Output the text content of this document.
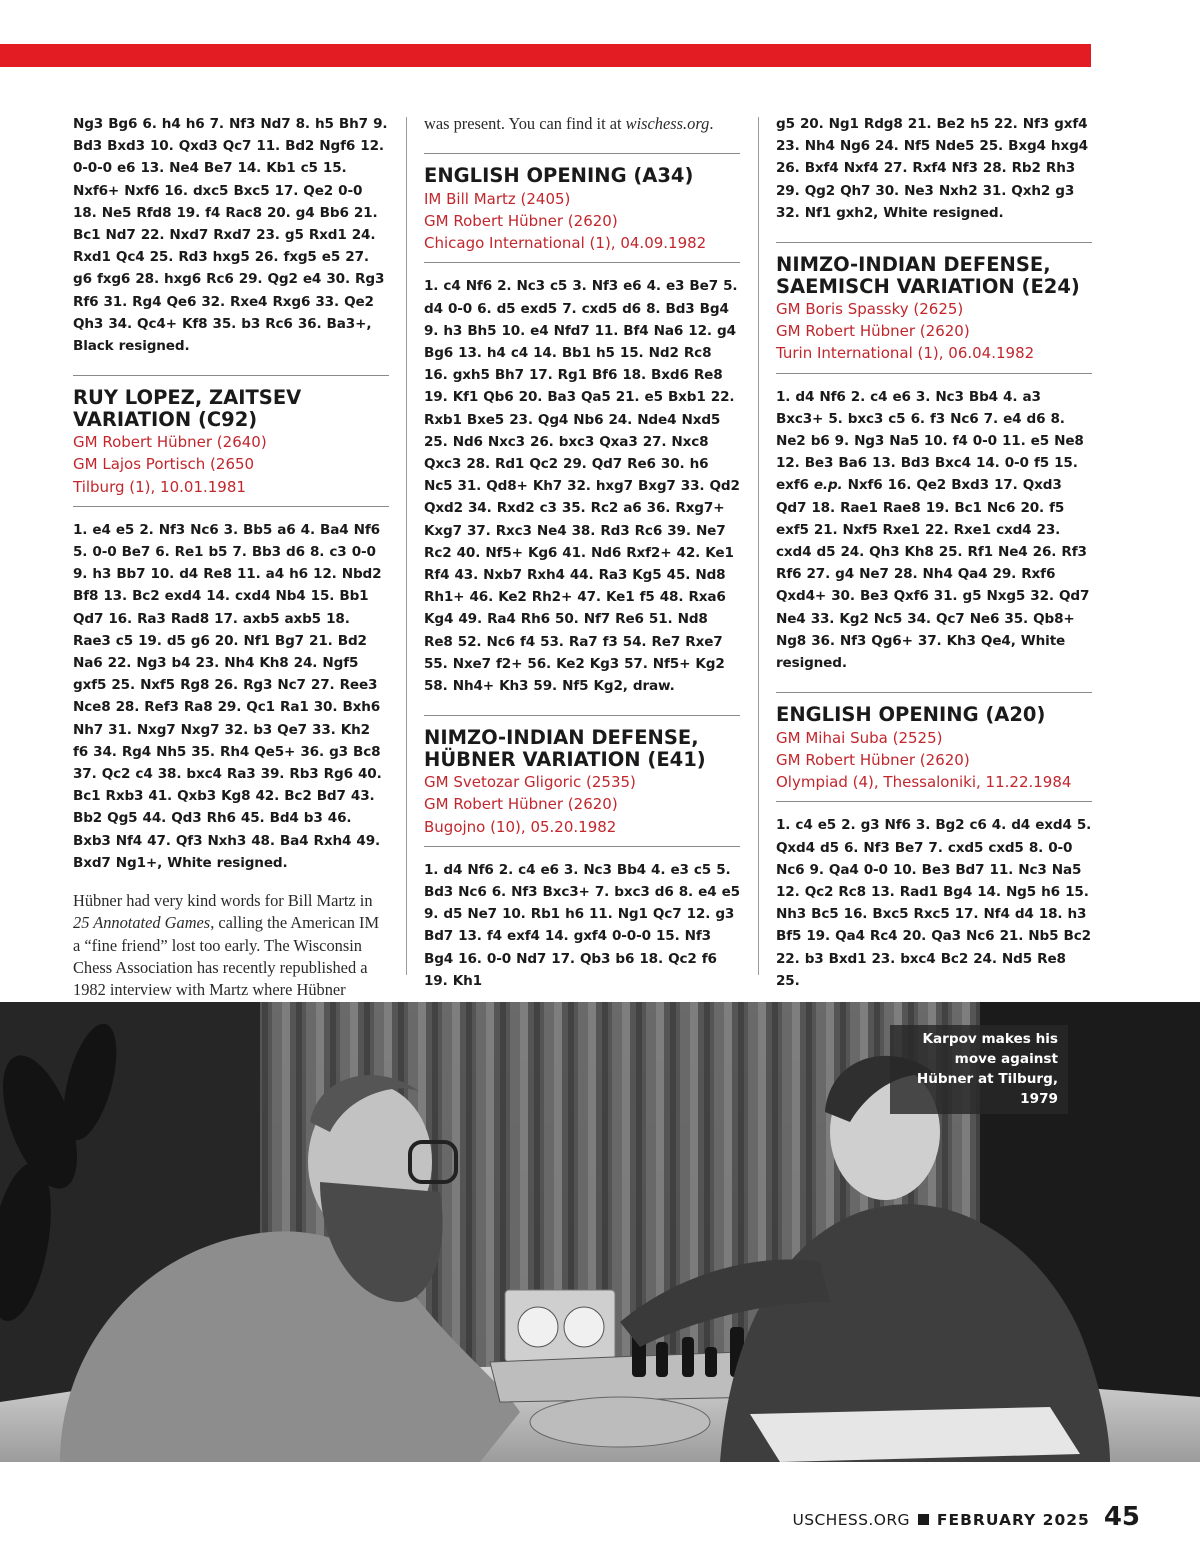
Ng3 Bg6 6. h4 h6 7. Nf3 Nd7 8. h5 Bh7 9. Bd3 Bxd3 10. Qxd3 Qc7 11. Bd2 Ngf6 12. 0-0-0 e6 13. Ne4 Be7 14. Kb1 c5 15. Nxf6+ Nxf6 16. dxc5 Bxc5 17. Qe2 0-0 18. Ne5 Rfd8 19. f4 Rac8 20. g4 Bb6 21. Bc1 Nd7 22. Nxd7 Rxd7 23. g5 Rxd1 24. Rxd1 Qc4 25. Rd3 hxg5 26. fxg5 e5 27. g6 fxg6 28. hxg6 Rc6 29. Qg2 e4 30. Rg3 Rf6 31. Rg4 Qe6 32. Rxe4 Rxg6 33. Qe2 Qh3 34. Qc4+ Kf8 35. b3 Rc6 36. Ba3+, Black resigned.

RUY LOPEZ, ZAITSEV VARIATION (C92)
GM Robert Hübner (2640)
GM Lajos Portisch (2650
Tilburg (1), 10.01.1981

1. e4 e5 2. Nf3 Nc6 3. Bb5 a6 4. Ba4 Nf6 5. 0-0 Be7 6. Re1 b5 7. Bb3 d6 8. c3 0-0 9. h3 Bb7 10. d4 Re8 11. a4 h6 12. Nbd2 Bf8 13. Bc2 exd4 14. cxd4 Nb4 15. Bb1 Qd7 16. Ra3 Rad8 17. axb5 axb5 18. Rae3 c5 19. d5 g6 20. Nf1 Bg7 21. Bd2 Na6 22. Ng3 b4 23. Nh4 Kh8 24. Ngf5 gxf5 25. Nxf5 Rg8 26. Rg3 Nc7 27. Ree3 Nce8 28. Ref3 Ra8 29. Qc1 Ra1 30. Bxh6 Nh7 31. Nxg7 Nxg7 32. b3 Qe7 33. Kh2 f6 34. Rg4 Nh5 35. Rh4 Qe5+ 36. g3 Bc8 37. Qc2 c4 38. bxc4 Ra3 39. Rb3 Rg6 40. Bc1 Rxb3 41. Qxb3 Kg8 42. Bc2 Bd7 43. Bb2 Qg5 44. Qd3 Rh6 45. Bd4 b3 46. Bxb3 Nf4 47. Qf3 Nxh3 48. Ba4 Rxh4 49. Bxd7 Ng1+, White resigned.

Hübner had very kind words for Bill Martz in 25 Annotated Games, calling the American IM a “fine friend” lost too early. The Wisconsin Chess Association has recently republished a 1982 interview with Martz where Hübner

was present. You can find it at wischess.org.

ENGLISH OPENING (A34)
IM Bill Martz (2405)
GM Robert Hübner (2620)
Chicago International (1), 04.09.1982

1. c4 Nf6 2. Nc3 c5 3. Nf3 e6 4. e3 Be7 5. d4 0-0 6. d5 exd5 7. cxd5 d6 8. Bd3 Bg4 9. h3 Bh5 10. e4 Nfd7 11. Bf4 Na6 12. g4 Bg6 13. h4 c4 14. Bb1 h5 15. Nd2 Rc8 16. gxh5 Bh7 17. Rg1 Bf6 18. Bxd6 Re8 19. Kf1 Qb6 20. Ba3 Qa5 21. e5 Bxb1 22. Rxb1 Bxe5 23. Qg4 Nb6 24. Nde4 Nxd5 25. Nd6 Nxc3 26. bxc3 Qxa3 27. Nxc8 Qxc3 28. Rd1 Qc2 29. Qd7 Re6 30. h6 Nc5 31. Qd8+ Kh7 32. hxg7 Bxg7 33. Qd2 Qxd2 34. Rxd2 c3 35. Rc2 a6 36. Rxg7+ Kxg7 37. Rxc3 Ne4 38. Rd3 Rc6 39. Ne7 Rc2 40. Nf5+ Kg6 41. Nd6 Rxf2+ 42. Ke1 Rf4 43. Nxb7 Rxh4 44. Ra3 Kg5 45. Nd8 Rh1+ 46. Ke2 Rh2+ 47. Ke1 f5 48. Rxa6 Kg4 49. Ra4 Rh6 50. Nf7 Re6 51. Nd8 Re8 52. Nc6 f4 53. Ra7 f3 54. Re7 Rxe7 55. Nxe7 f2+ 56. Ke2 Kg3 57. Nf5+ Kg2 58. Nh4+ Kh3 59. Nf5 Kg2, draw.

NIMZO-INDIAN DEFENSE, HÜBNER VARIATION (E41)
GM Svetozar Gligoric (2535)
GM Robert Hübner (2620)
Bugojno (10), 05.20.1982

1. d4 Nf6 2. c4 e6 3. Nc3 Bb4 4. e3 c5 5. Bd3 Nc6 6. Nf3 Bxc3+ 7. bxc3 d6 8. e4 e5 9. d5 Ne7 10. Rb1 h6 11. Ng1 Qc7 12. g3 Bd7 13. f4 exf4 14. gxf4 0-0-0 15. Nf3 Bg4 16. 0-0 Nd7 17. Qb3 b6 18. Qc2 f6 19. Kh1

g5 20. Ng1 Rdg8 21. Be2 h5 22. Nf3 gxf4 23. Nh4 Ng6 24. Nf5 Nde5 25. Bxg4 hxg4 26. Bxf4 Nxf4 27. Rxf4 Nf3 28. Rb2 Rh3 29. Qg2 Qh7 30. Ne3 Nxh2 31. Qxh2 g3 32. Nf1 gxh2, White resigned.

NIMZO-INDIAN DEFENSE, SAEMISCH VARIATION (E24)
GM Boris Spassky (2625)
GM Robert Hübner (2620)
Turin International (1), 06.04.1982

1. d4 Nf6 2. c4 e6 3. Nc3 Bb4 4. a3 Bxc3+ 5. bxc3 c5 6. f3 Nc6 7. e4 d6 8. Ne2 b6 9. Ng3 Na5 10. f4 0-0 11. e5 Ne8 12. Be3 Ba6 13. Bd3 Bxc4 14. 0-0 f5 15. exf6 e.p. Nxf6 16. Qe2 Bxd3 17. Qxd3 Qd7 18. Rae1 Rae8 19. Bc1 Nc6 20. f5 exf5 21. Nxf5 Rxe1 22. Rxe1 cxd4 23. cxd4 d5 24. Qh3 Kh8 25. Rf1 Ne4 26. Rf3 Rf6 27. g4 Ne7 28. Nh4 Qa4 29. Rxf6 Qxd4+ 30. Be3 Qxf6 31. g5 Nxg5 32. Qd7 Ne4 33. Kg2 Nc5 34. Qc7 Ne6 35. Qb8+ Ng8 36. Nf3 Qg6+ 37. Kh3 Qe4, White resigned.

ENGLISH OPENING (A20)
GM Mihai Suba (2525)
GM Robert Hübner (2620)
Olympiad (4), Thessaloniki, 11.22.1984

1. c4 e5 2. g3 Nf6 3. Bg2 c6 4. d4 exd4 5. Qxd4 d5 6. Nf3 Be7 7. cxd5 cxd5 8. 0-0 Nc6 9. Qa4 0-0 10. Be3 Bd7 11. Nc3 Na5 12. Qc2 Rc8 13. Rad1 Bg4 14. Ng5 h6 15. Nh3 Bc5 16. Bxc5 Rxc5 17. Nf4 d4 18. h3 Bf5 19. Qa4 Rc4 20. Qa3 Nc6 21. Nb5 Bc2 22. b3 Bxd1 23. bxc4 Bc2 24. Nd5 Re8 25.

Karpov makes his move against Hübner at Tilburg, 1979
USCHESS.ORG FEBRUARY 2025 45
